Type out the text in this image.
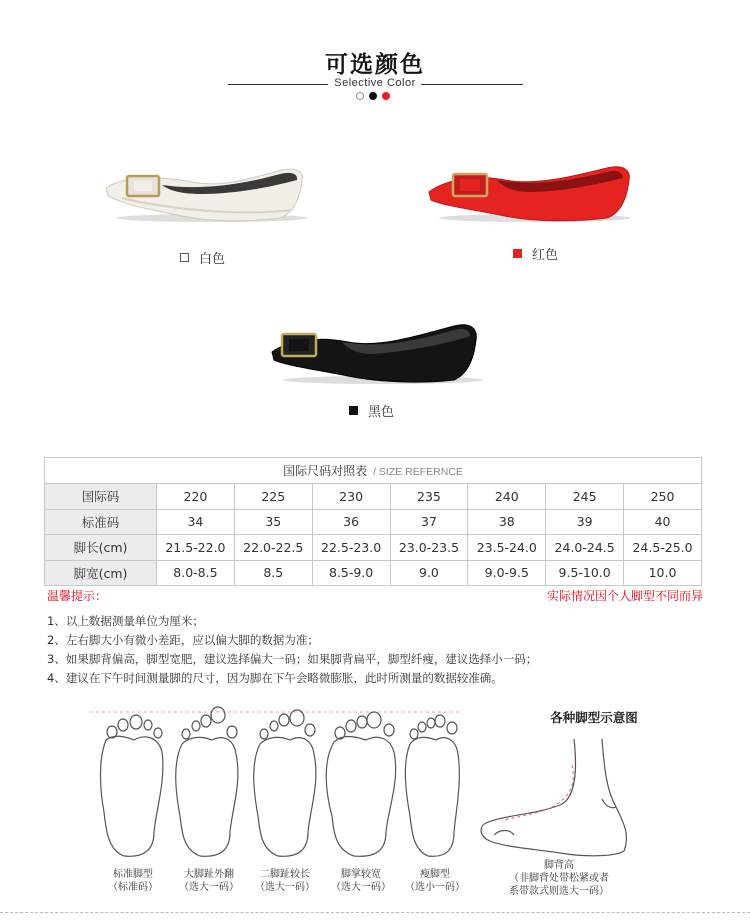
可选颜色
Selective Color
白色	红色
黑色
国际尺码对照表 / SIZE REFERNCE							
国际码	220	225	230	235	240	245	250
标准码	34	35	36	37	38	39	40
脚长(cm)	21.5-22.0	22.0-22.5	22.5-23.0	23.0-23.5	23.5-24.0	24.0-24.5	24.5-25.0
脚宽(cm)	8.0-8.5	8.5	8.5-9.0	9.0	9.0-9.5	9.5-10.0	10.0
温馨提示：	实际情况因个人脚型不同而异
1、以上数据测量单位为厘米；
2、左右脚大小有微小差距，应以偏大脚的数据为准；
3、如果脚背偏高，脚型宽肥，建议选择偏大一码；如果脚背扁平，脚型纤瘦，建议选择小一码；
4、建议在下午时间测量脚的尺寸，因为脚在下午会略微膨胀，此时所测量的数据较准确。
各种脚型示意图
标准脚型
（标准码）
大脚趾外翻
（选大一码）
二脚趾较长
（选大一码）
脚掌较宽
（选大一码）
瘦脚型
（选小一码）
脚背高
（非脚背处带松紧或者
系带款式则选大一码）
